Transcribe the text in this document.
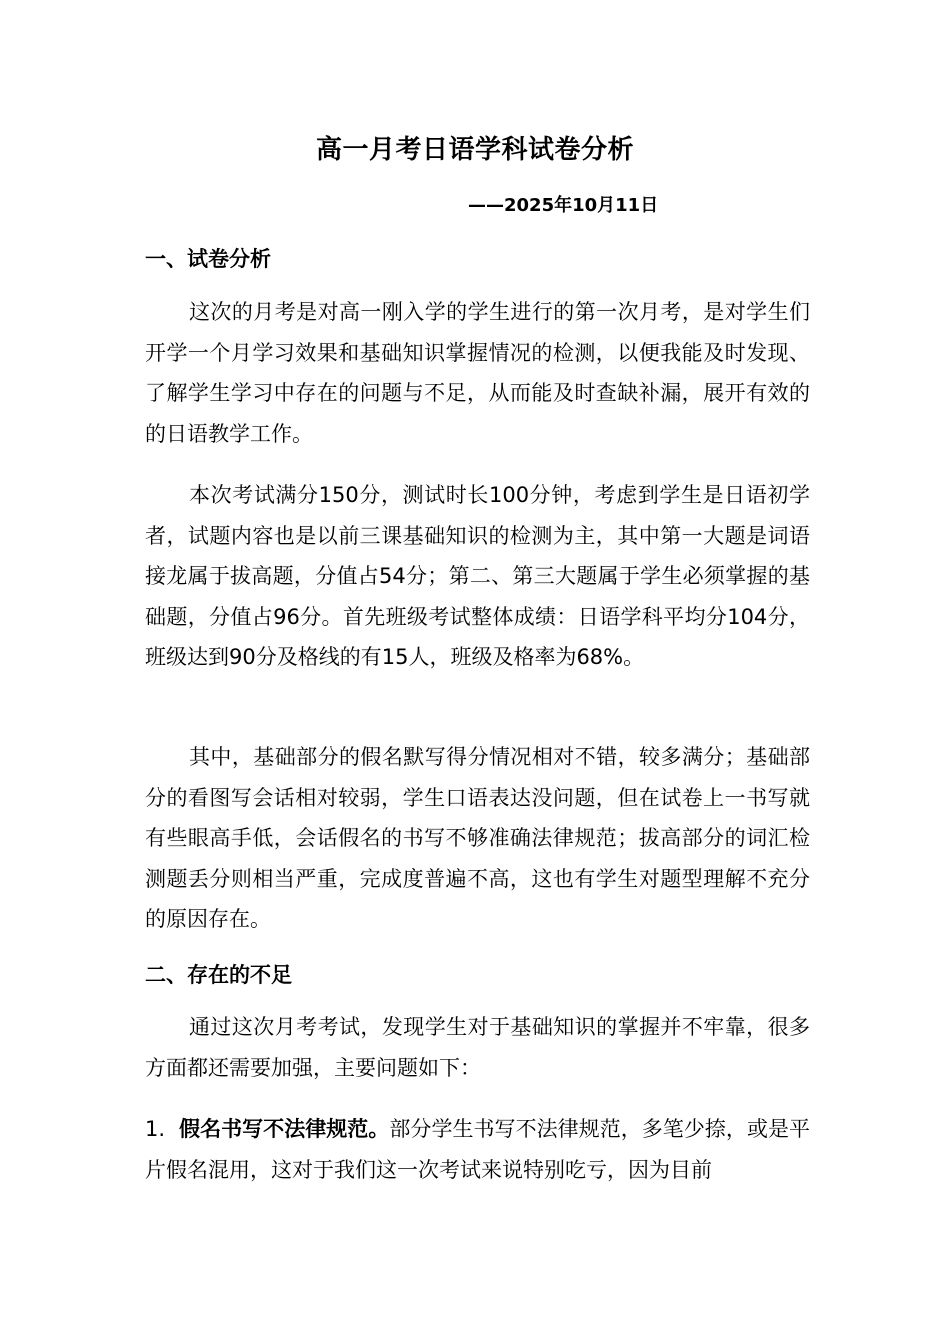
高一月考日语学科试卷分析
——2025年10月11日
一、试卷分析
这次的月考是对高一刚入学的学生进行的第一次月考，是对学生们开学一个月学习效果和基础知识掌握情况的检测，以便我能及时发现、了解学生学习中存在的问题与不足，从而能及时查缺补漏，展开有效的的日语教学工作。
本次考试满分150分，测试时长100分钟，考虑到学生是日语初学者，试题内容也是以前三课基础知识的检测为主，其中第一大题是词语接龙属于拔高题，分值占54分；第二、第三大题属于学生必须掌握的基础题，分值占96分。首先班级考试整体成绩：日语学科平均分104分，班级达到90分及格线的有15人，班级及格率为68%。
其中，基础部分的假名默写得分情况相对不错，较多满分；基础部分的看图写会话相对较弱，学生口语表达没问题，但在试卷上一书写就有些眼高手低，会话假名的书写不够准确法律规范；拔高部分的词汇检测题丢分则相当严重，完成度普遍不高，这也有学生对题型理解不充分的原因存在。
二、存在的不足
通过这次月考考试，发现学生对于基础知识的掌握并不牢靠，很多方面都还需要加强，主要问题如下：
1. 假名书写不法律规范。部分学生书写不法律规范，多笔少捺，或是平片假名混用，这对于我们这一次考试来说特别吃亏，因为目前
